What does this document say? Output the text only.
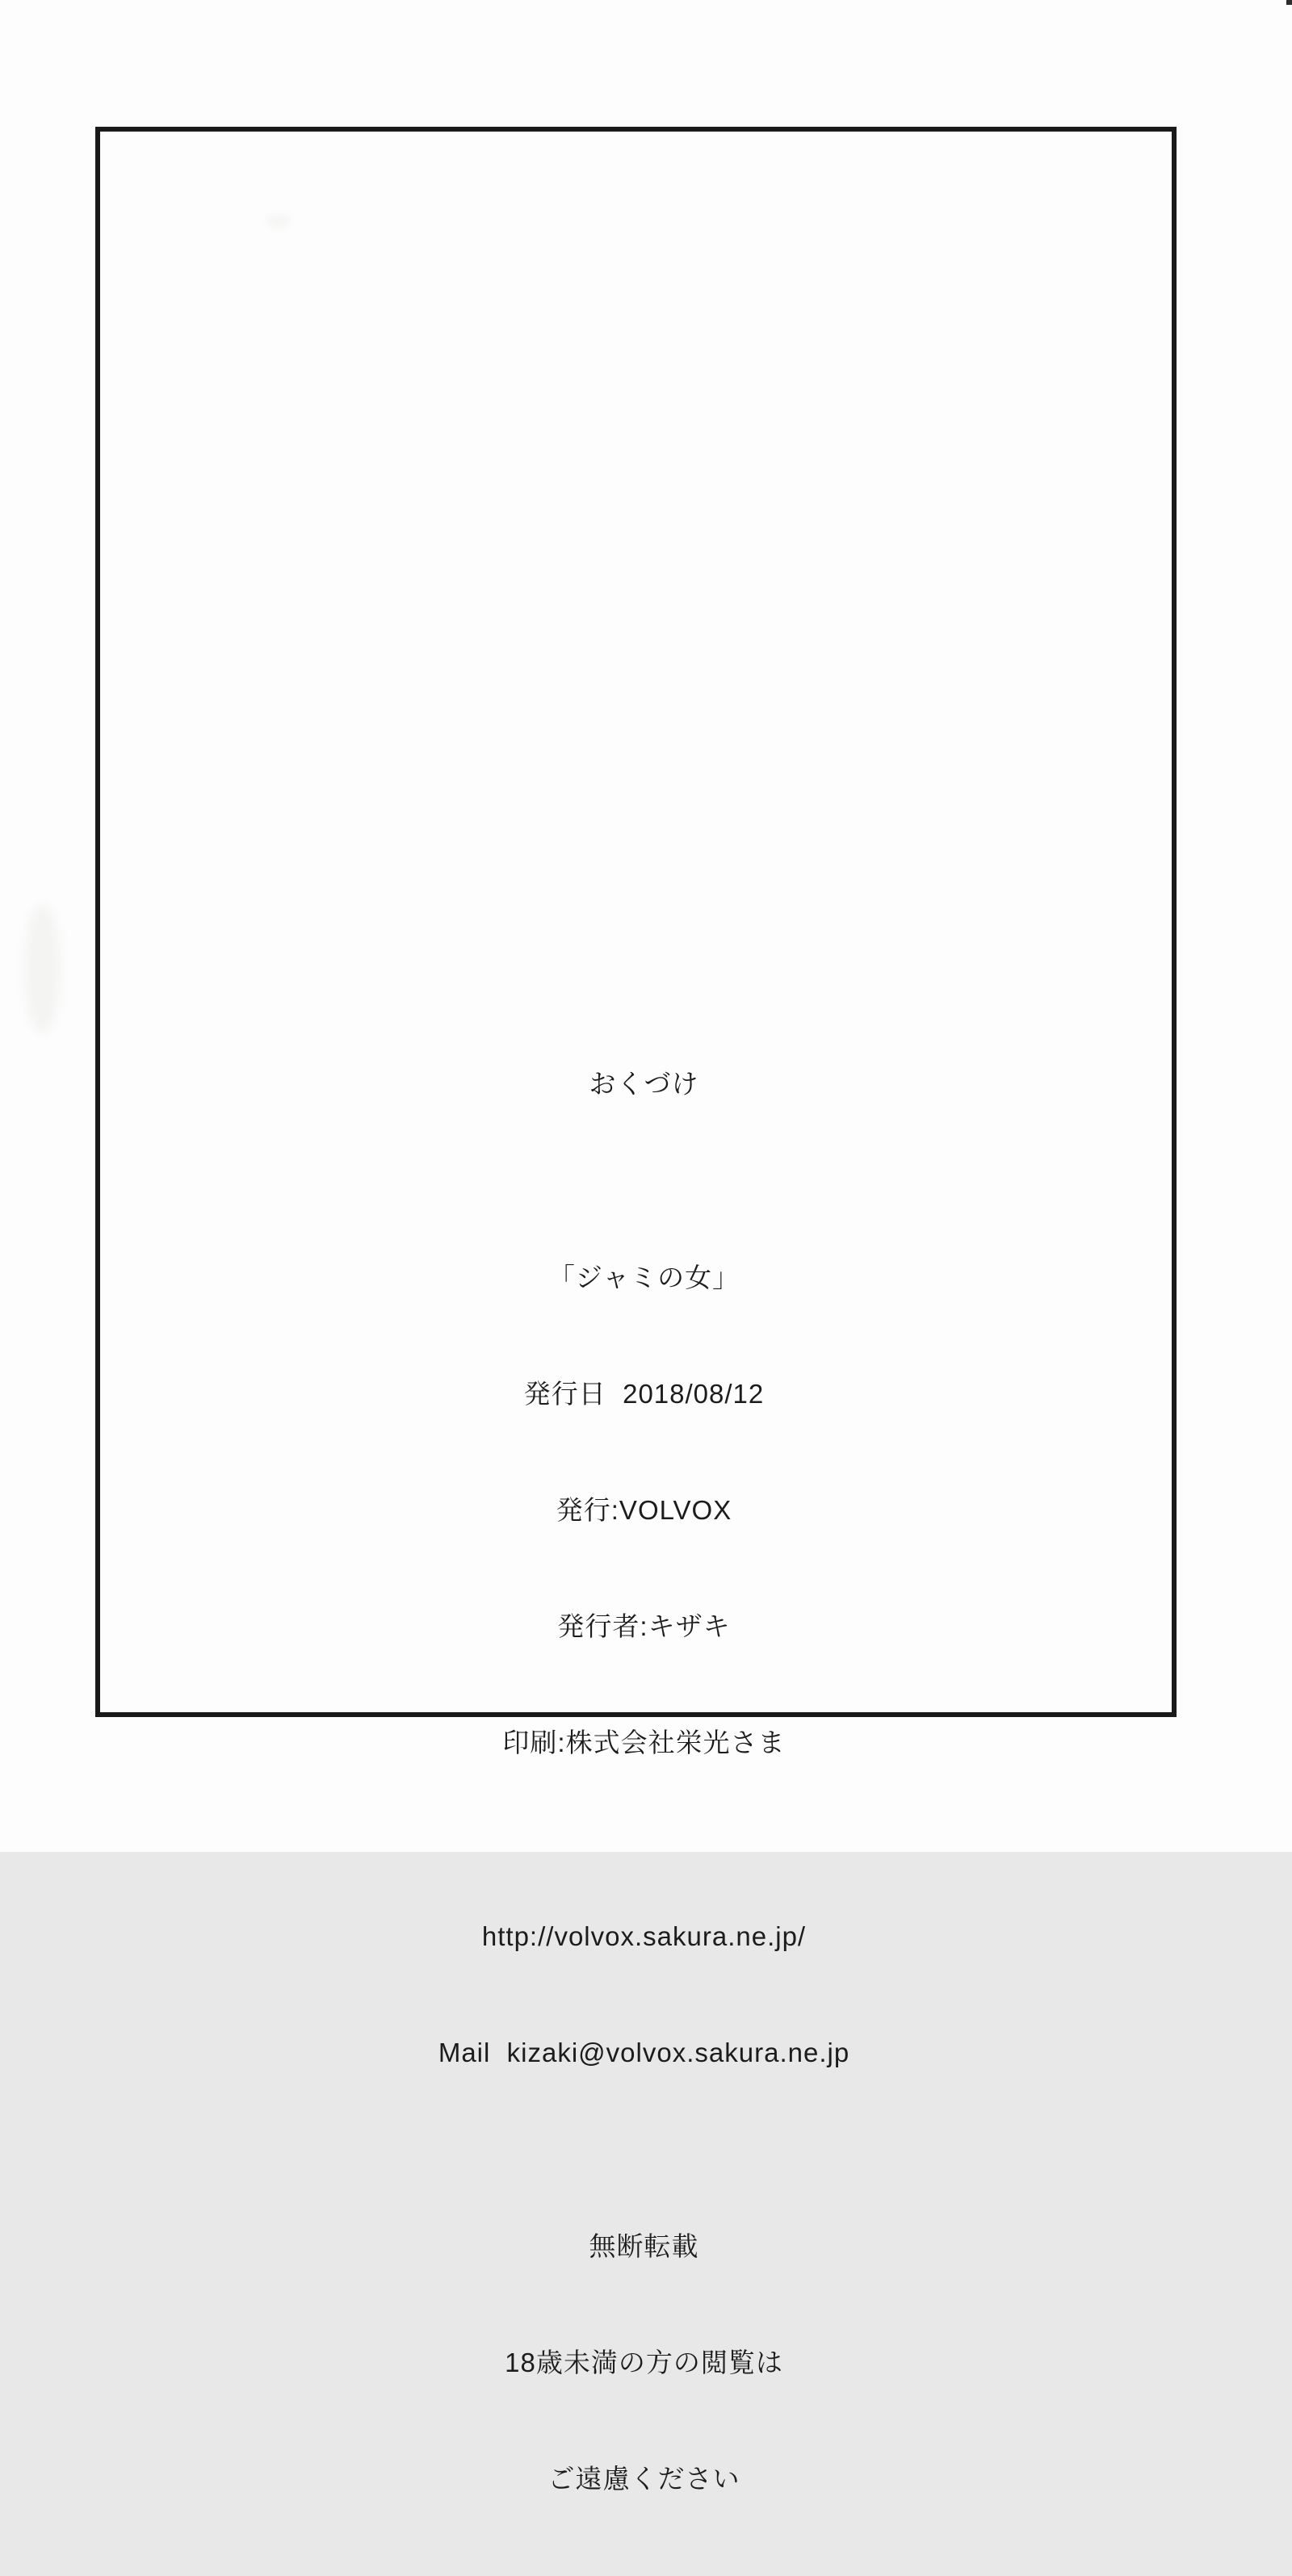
おくづけ

「ジャミの女」

発行日  2018/08/12

発行:VOLVOX

発行者:キザキ

印刷:株式会社栄光さま

http://volvox.sakura.ne.jp/

Mail  kizaki@volvox.sakura.ne.jp

無断転載

18歳未満の方の閲覧は

ご遠慮ください
